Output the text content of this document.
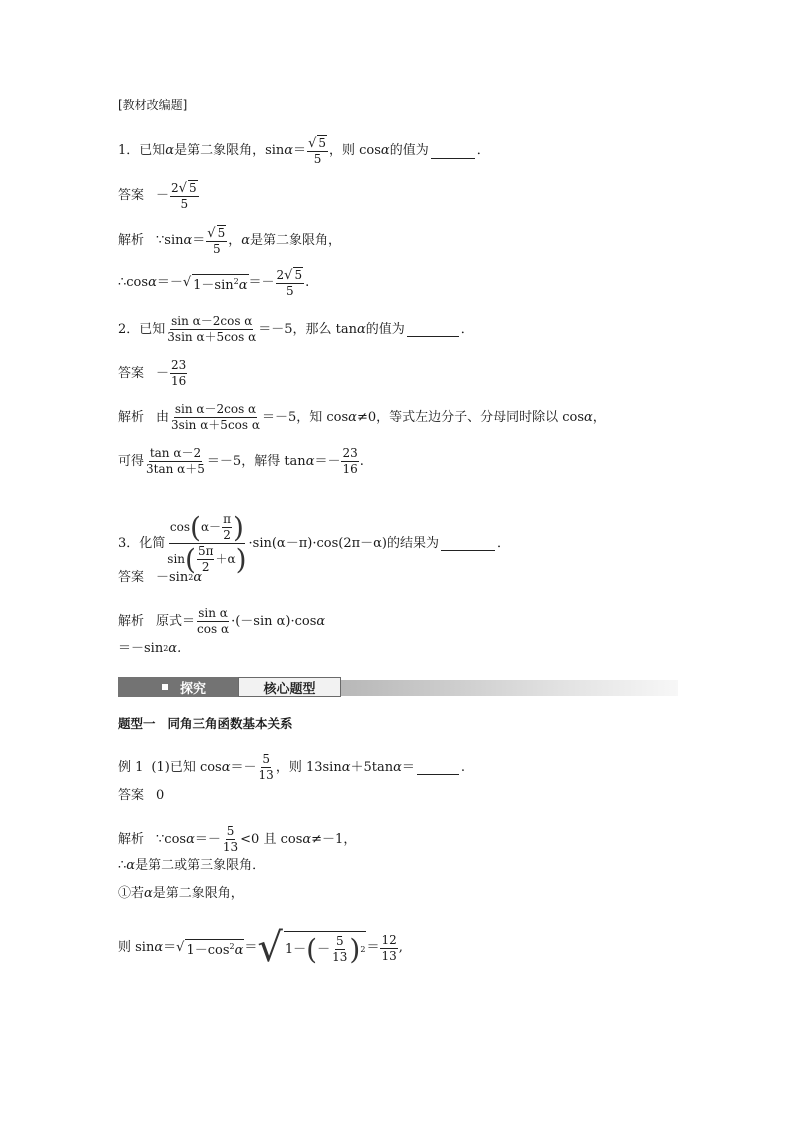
[教材改编题]
1．已知 α 是第二象限角，$\sin \alpha = \frac{√ 5}{5}$ ，则 cos α 的值为	．
答案 － $\frac{2√ 5}{5}$
解析 ∵sin $\alpha = \frac{√ 5}{5}$ ， α 是第二象限角，
∴cos α ＝－ √ $1-\sin^2\alpha =- \frac{2√ 5}{5}$ .
2．已知 $\frac{\text{sin α－2cos α}}{\text{3sin α＋5cos α}} =-5$，那么 tan α 的值为	．
答案 － $\frac{23}{16}$
解析 由 $\frac{\text{sin α－2cos α}}{\text{3sin α＋5cos α}} =-5$，知 cos α ≠0，等式左边分子、分母同时除以 cos α ，
可得 $\frac{\text{tan α－2}}{\text{3tan α＋5}} =-5$，解得 $\tan \alpha =- \frac{23}{16}$ .
3．化简 $\frac{\cos ( \alpha- \frac{\pi}{2} )}{\sin ( \frac{5\pi}{2} +\alpha )} \cdot\sin(\alpha-\pi)\cdot\cos(2\pi-\alpha)$的结果为	．
答案 －sin 2 α
解析 原式＝ $\frac{\text{sin α}}{\text{cos α}} \cdot(-\sin$ α)·cos α
＝－sin 2 α.
探究	核心题型
题型一 同角三角函数基本关系
例 1 (1)已知 $\cos \alpha =- \frac{5}{13}$ ，则 13sin α ＋5tan α ＝	.
答案 0
解析 ∵cos $\alpha =- \frac{5}{13} <0$ 且 cos α ≠－1，
∴ α 是第二或第三象限角．
①若 α 是第二象限角，
则 sin α ＝ √ $1-\cos^2\alpha$ ＝ √ 1－ ( － $\frac{5}{13}$ ) $2 = \frac{12}{13}$ ,
